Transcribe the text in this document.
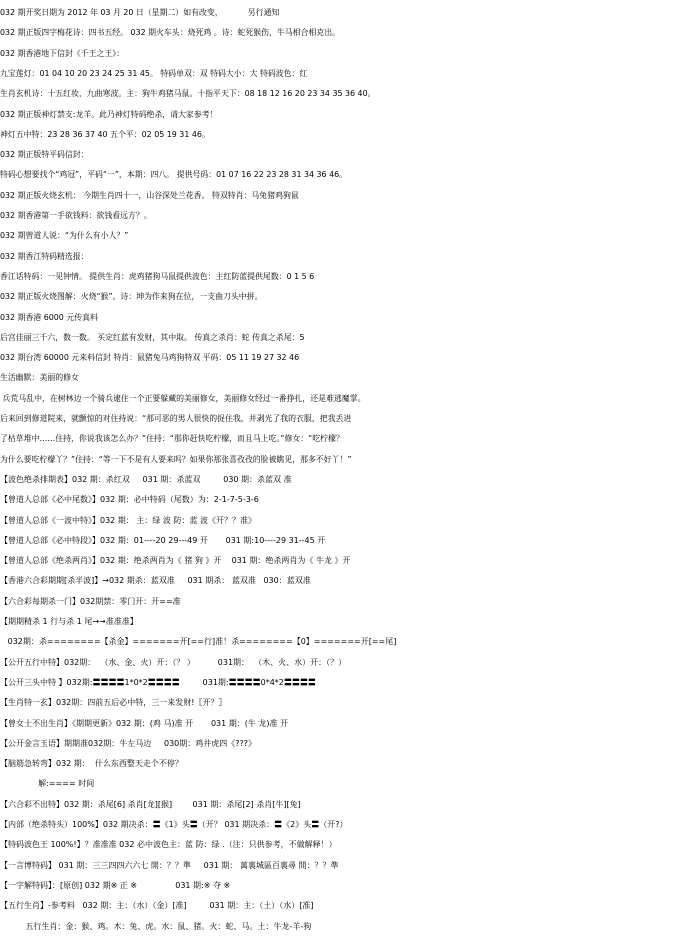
032 期开奖日期为 2012 年 03 月 20 日（星期二）如有改变，          另行通知
032 期正版四字梅花诗：四书五经。 032 期火车头：烧死鸡 。诗：蛇死猴伤，牛马相合相克出。
032 期香港地下信封《千王之王》：
九宝莲灯：01 04 10 20 23 24 25 31 45。 特码单双：双 特码大小：大 特码波色：红
生肖玄机诗：十五红妆，九曲寒波。主：狗牛鸡猪马鼠。十指平天下：08 18 12 16 20 23 34 35 36 40。
032 期正版神灯禁支:龙羊。此乃神灯特码绝杀，请大家参考！
神灯五中特：23 28 36 37 40 五个平：02 05 19 31 46。
032 期正版特平码信封：
特码心想要找个“鸡冠”，平码“一”，本期：四八。 提供号码：01 07 16 22 23 28 31 34 36 46。
032 期正版火烧玄机： 今期生肖四十一，山谷深处兰花香。 特双特肖：马兔猪鸡狗鼠
032 期香港第一手欲钱料：欲钱看远方？。
032 期曾道人说：“为什么有小人？”
032 期香江特码精选报：
香江话特码：一见钟情。 提供生肖：虎鸡猪狗马鼠提供波色：主红防蓝提供尾数：0 1 5 6
032 期正版火烧图解：火烧“猴”。诗：坤为作来狗在位，一支曲刀头中拼。
032 期香港 6000 元传真料
后宫佳丽三千六，数一数。 买定红蓝有发财，其中取。 传真之杀肖：蛇 传真之杀尾：5
032 期台湾 60000 元来料信封 特肖：鼠猪兔马鸡狗特双 平码：05 11 19 27 32 46
生活幽默：美丽的修女
兵荒马乱中，在树林边一个骑兵逮住一个正要躲藏的美丽修女，美丽修女经过一番挣扎，还是难逃魔掌。
后来回到修道院来，就颤惊的对住持说：“那可恶的男人很快的捉住我，并剥光了我的衣服，把我丢进
了枯草堆中……住持，你说我该怎么办？”住持：“那你赶快吃柠檬，而且马上吃。”修女：“吃柠檬？
为什么要吃柠檬丫？”住持：“等一下不是有人要来吗？如果你那张喜孜孜的脸被瞧见，那多不好丫！”
【波色绝杀排期表】032 期：杀红双     031 期：杀蓝双         030 期：杀蓝双 准
【曾道人总部《必中尾数》】032 期：必中特码（尾数）为：2-1-7-5-3-6
【曾道人总部《一波中特》】032 期： 主：绿 波 防：蓝 波《开？？准》
【曾道人总部《必中特段》】032 期：01----20 29---49 开       031 期:10----29 31--45 开
【曾道人总部《绝杀两肖》】032 期：绝杀两肖为《 猪 狗 》开    031 期：绝杀两肖为《 牛龙 》开
【香港六合彩期期[杀半波]】→032 期杀：蓝双准     031 期杀： 蓝双准   030：蓝双准
【六合彩每期杀一门】032期禁：零门开：开==准
【期期精杀 1 行与杀 1 尾→→准准准】
032期：杀========【杀金】=======开[==行]准！杀========【0】=======开[==尾]
【公开五行中特】032期：  （水、金、火）开：（？ ）         031期：  （木、火、水）开：（？）
【公开三头中特 】032期:〓〓〓〓1*0*2〓〓〓〓         031期:〓〓〓〓0*4*2〓〓〓〓
【生肖特一玄】032期：四前五后必中特，三一来发财!〖开？〗
【曾女士不出生肖】《期期更新》032 期：(鸡 马)准 开       031 期：(牛 龙)准 开
【公开金言玉语】期期准032期：牛左马边     030期：鸡井虎四《???》
【脑筋急转弯】032 期：  什么东西整天走个不停？
解:==== 时间
【六合彩不出特】032 期：杀尾[6] 杀肖[龙][猴]        031 期：杀尾[2] 杀肖[牛][兔]
【内部（绝杀特头）100%】032 期决杀：〓《1》头〓（开？ 031 期决杀：〓《2》头〓（开?）
【特码波色王 100%!】？准准准 032 必中波色主：蓝 防：绿 .（注：只供参考，不做解释！）
【一言博特码】 031 期：三三四四六六七 開：？？準     031 期： 萬裏城區百裏尋 開：？？準
【一字解特码】：[原创] 032 期※ 正 ※               031 期:※ 夺 ※
【五行生肖】-参考料   032 期：主：（水）（金）[准]         031 期：主：（土）（水）[准]
五行生肖：金：猴、鸡。木：兔、虎。水：鼠、猪。火：蛇、马。土：牛龙-羊-狗
